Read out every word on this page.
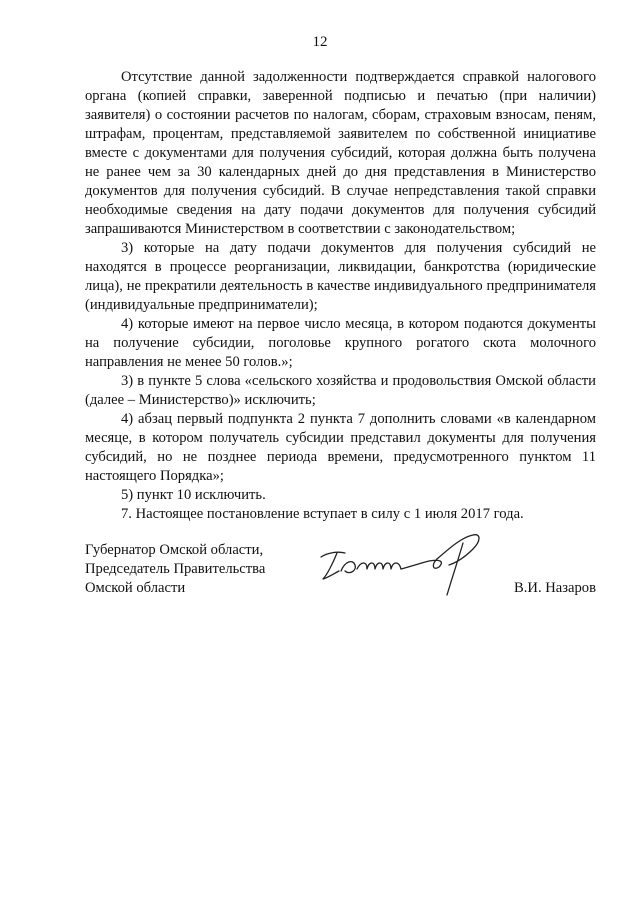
12

Отсутствие данной задолженности подтверждается справкой налогового органа (копией справки, заверенной подписью и печатью (при наличии) заявителя) о состоянии расчетов по налогам, сборам, страховым взносам, пеням, штрафам, процентам, представляемой заявителем по собственной инициативе вместе с документами для получения субсидий, которая должна быть получена не ранее чем за 30 календарных дней до дня представления в Министерство документов для получения субсидий. В случае непредставления такой справки необходимые сведения на дату подачи документов для получения субсидий запрашиваются Министерством в соответствии с законодательством;

3) которые на дату подачи документов для получения субсидий не находятся в процессе реорганизации, ликвидации, банкротства (юридические лица), не прекратили деятельность в качестве индивидуального предпринимателя (индивидуальные предприниматели);

4) которые имеют на первое число месяца, в котором подаются документы на получение субсидии, поголовье крупного рогатого скота молочного направления не менее 50 голов.»;

3) в пункте 5 слова «сельского хозяйства и продовольствия Омской области (далее – Министерство)» исключить;

4) абзац первый подпункта 2 пункта 7 дополнить словами «в календарном месяце, в котором получатель субсидии представил документы для получения субсидий, но не позднее периода времени, предусмотренного пунктом 11 настоящего Порядка»;

5) пункт 10 исключить.

7. Настоящее постановление вступает в силу с 1 июля 2017 года.

Губернатор Омской области,
Председатель Правительства
Омской области	В.И. Назаров
